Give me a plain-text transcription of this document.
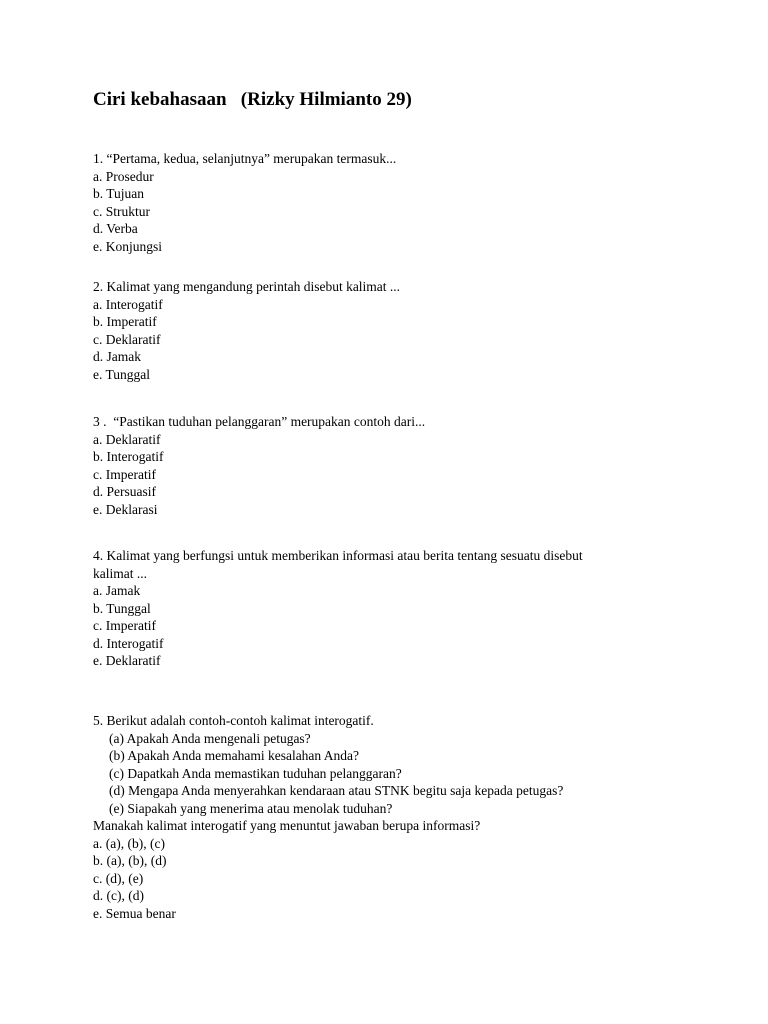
Ciri kebahasaan   (Rizky Hilmianto 29)
1. “Pertama, kedua, selanjutnya” merupakan termasuk...
a. Prosedur
b. Tujuan
c. Struktur
d. Verba
e. Konjungsi
2. Kalimat yang mengandung perintah disebut kalimat ...
a. Interogatif
b. Imperatif
c. Deklaratif
d. Jamak
e. Tunggal
3 .  “Pastikan tuduhan pelanggaran” merupakan contoh dari...
a. Deklaratif
b. Interogatif
c. Imperatif
d. Persuasif
e. Deklarasi
4. Kalimat yang berfungsi untuk memberikan informasi atau berita tentang sesuatu disebut
kalimat ...
a. Jamak
b. Tunggal
c. Imperatif
d. Interogatif
e. Deklaratif
5. Berikut adalah contoh-contoh kalimat interogatif.
(a) Apakah Anda mengenali petugas?
(b) Apakah Anda memahami kesalahan Anda?
(c) Dapatkah Anda memastikan tuduhan pelanggaran?
(d) Mengapa Anda menyerahkan kendaraan atau STNK begitu saja kepada petugas?
(e) Siapakah yang menerima atau menolak tuduhan?
Manakah kalimat interogatif yang menuntut jawaban berupa informasi?
a. (a), (b), (c)
b. (a), (b), (d)
c. (d), (e)
d. (c), (d)
e. Semua benar
